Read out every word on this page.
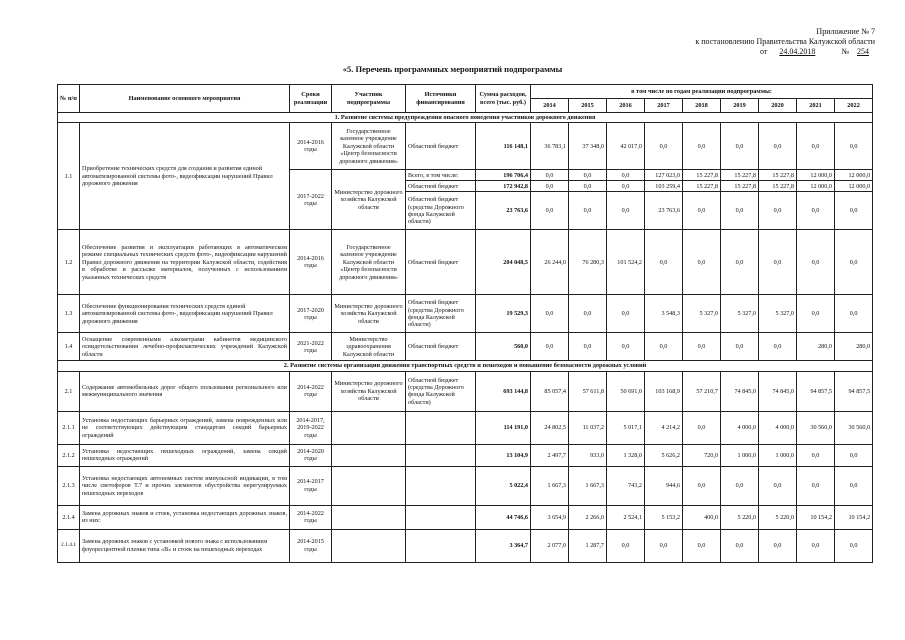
Приложение № 7
к постановлению Правительства Калужской области
от 24.04.2018	№ 254
«5. Перечень программных мероприятий подпрограммы
№ п/п	Наименование основного мероприятия	Сроки реализации	Участник подпрограммы	Источники финансирования	Сумма расходов, всего (тыс. руб.)	в том числе по годам реализации подпрограммы:								
						2014	2015	2016	2017	2018	2019	2020	2021	2022
1. Развитие системы предупреждения опасного поведения участников дорожного движения														
1.1	Приобретение технических средств для создания и развития единой автоматизированной системы фото-, видеофиксации нарушений Правил дорожного движения	2014-2016 годы	Государственное казенное учреждение Калужской области «Центр безопасности дорожного движения»	Областной бюджет	116 148,1	36 783,1	37 348,0	42 017,0	0,0	0,0	0,0	0,0	0,0	0,0
		2017-2022 годы	Министерство дорожного хозяйства Калужской области	Всего, в том числе:	196 706,4	0,0	0,0	0,0	127 023,0	15 227,8	15 227,8	15 227,8	12 000,0	12 000,0
				Областной бюджет	172 942,8	0,0	0,0	0,0	103 259,4	15 227,8	15 227,8	15 227,8	12 000,0	12 000,0
				Областной бюджет (средства Дорожного фонда Калужской области)	23 763,6	0,0	0,0	0,0	23 763,6	0,0	0,0	0,0	0,0	0,0
1.2	Обеспечение развития и эксплуатации работающих в автоматическом режиме специальных технических средств фото-, видеофиксации нарушений Правил дорожного движения на территории Калужской области, содействия в обработке и рассылке материалов, полученных с использованием указанных технических средств	2014-2016 годы	Государственное казенное учреждение Калужской области «Центр безопасности дорожного движения»	Областной бюджет	204 048,5	26 244,0	76 280,3	101 524,2	0,0	0,0	0,0	0,0	0,0	0,0
1.3	Обеспечение функционирования технических средств единой автоматизированной системы фото-, видеофиксации нарушений Правил дорожного движения	2017-2020 годы	Министерство дорожного хозяйства Калужской области	Областной бюджет (средства Дорожного фонда Калужской области)	19 529,3	0,0	0,0	0,0	3 548,3	5 327,0	5 327,0	5 327,0	0,0	0,0
1.4	Оснащение современными алкометрами кабинетов медицинского освидетельствования лечебно-профилактических учреждений Калужской области	2021-2022 годы	Министерство здравоохранения Калужской области	Областной бюджет	560,0	0,0	0,0	0,0	0,0	0,0	0,0	0,0	280,0	280,0
2. Развитие системы организации движения транспортных средств и пешеходов и повышение безопасности дорожных условий														
2.1	Содержание автомобильных дорог общего пользования регионального или межмуниципального значения	2014-2022 годы	Министерство дорожного хозяйства Калужской области	Областной бюджет (средства Дорожного фонда Калужской области)	693 144,8	85 057,4	57 611,8	50 691,0	103 168,9	57 210,7	74 845,0	74 845,0	94 857,5	94 857,5
2.1.1	Установка недостающих барьерных ограждений, замена поврежденных или не соответствующих действующим стандартам секций барьерных ограждений	2014-2017, 2019-2022 годы			114 191,0	24 802,5	11 037,2	5 017,1	4 214,2	0,0	4 000,0	4 000,0	30 560,0	30 560,0
2.1.2	Установка недостающих пешеходных ограждений, замена секций пешеходных ограждений	2014-2020 годы			13 104,9	2 497,7	933,0	1 328,0	5 626,2	720,0	1 000,0	1 000,0	0,0	0,0
2.1.3	Установка недостающих автономных систем импульсной индикации, в том числе светофоров Т.7 и прочих элементов обустройства нерегулируемых пешеходных переходов	2014-2017 годы			5 022,4	1 667,3	1 667,3	743,2	944,6	0,0	0,0	0,0	0,0	0,0
2.1.4	Замена дорожных знаков и стоек, установка недостающих дорожных знаков, из них:	2014-2022 годы			44 746,6	3 654,9	2 266,0	2 524,1	5 153,2	400,0	5 220,0	5 220,0	10 154,2	10 154,2
2.1.4.1	Замена дорожных знаков с установкой нового знака с использованием флуоресцентной пленки типа «В» и стоек на пешеходных переходах	2014-2015 годы			3 364,7	2 077,0	1 287,7	0,0	0,0	0,0	0,0	0,0	0,0	0,0
